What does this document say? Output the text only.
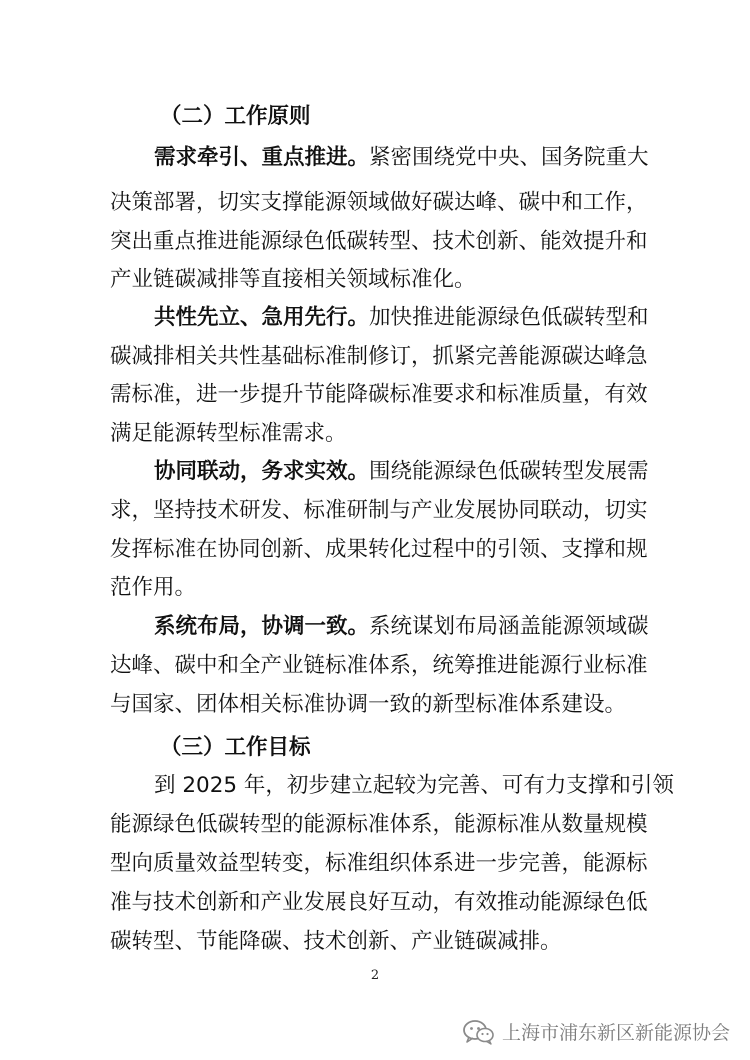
（二）工作原则
需求牵引、重点推进。紧密围绕党中央、国务院重大
决策部署，切实支撑能源领域做好碳达峰、碳中和工作，
突出重点推进能源绿色低碳转型、技术创新、能效提升和
产业链碳减排等直接相关领域标准化。
共性先立、急用先行。加快推进能源绿色低碳转型和
碳减排相关共性基础标准制修订，抓紧完善能源碳达峰急
需标准，进一步提升节能降碳标准要求和标准质量，有效
满足能源转型标准需求。
协同联动，务求实效。围绕能源绿色低碳转型发展需
求，坚持技术研发、标准研制与产业发展协同联动，切实
发挥标准在协同创新、成果转化过程中的引领、支撑和规
范作用。
系统布局，协调一致。系统谋划布局涵盖能源领域碳
达峰、碳中和全产业链标准体系，统筹推进能源行业标准
与国家、团体相关标准协调一致的新型标准体系建设。
（三）工作目标
到 2025 年，初步建立起较为完善、可有力支撑和引领
能源绿色低碳转型的能源标准体系，能源标准从数量规模
型向质量效益型转变，标准组织体系进一步完善，能源标
准与技术创新和产业发展良好互动，有效推动能源绿色低
碳转型、节能降碳、技术创新、产业链碳减排。
2
上海市浦东新区新能源协会
